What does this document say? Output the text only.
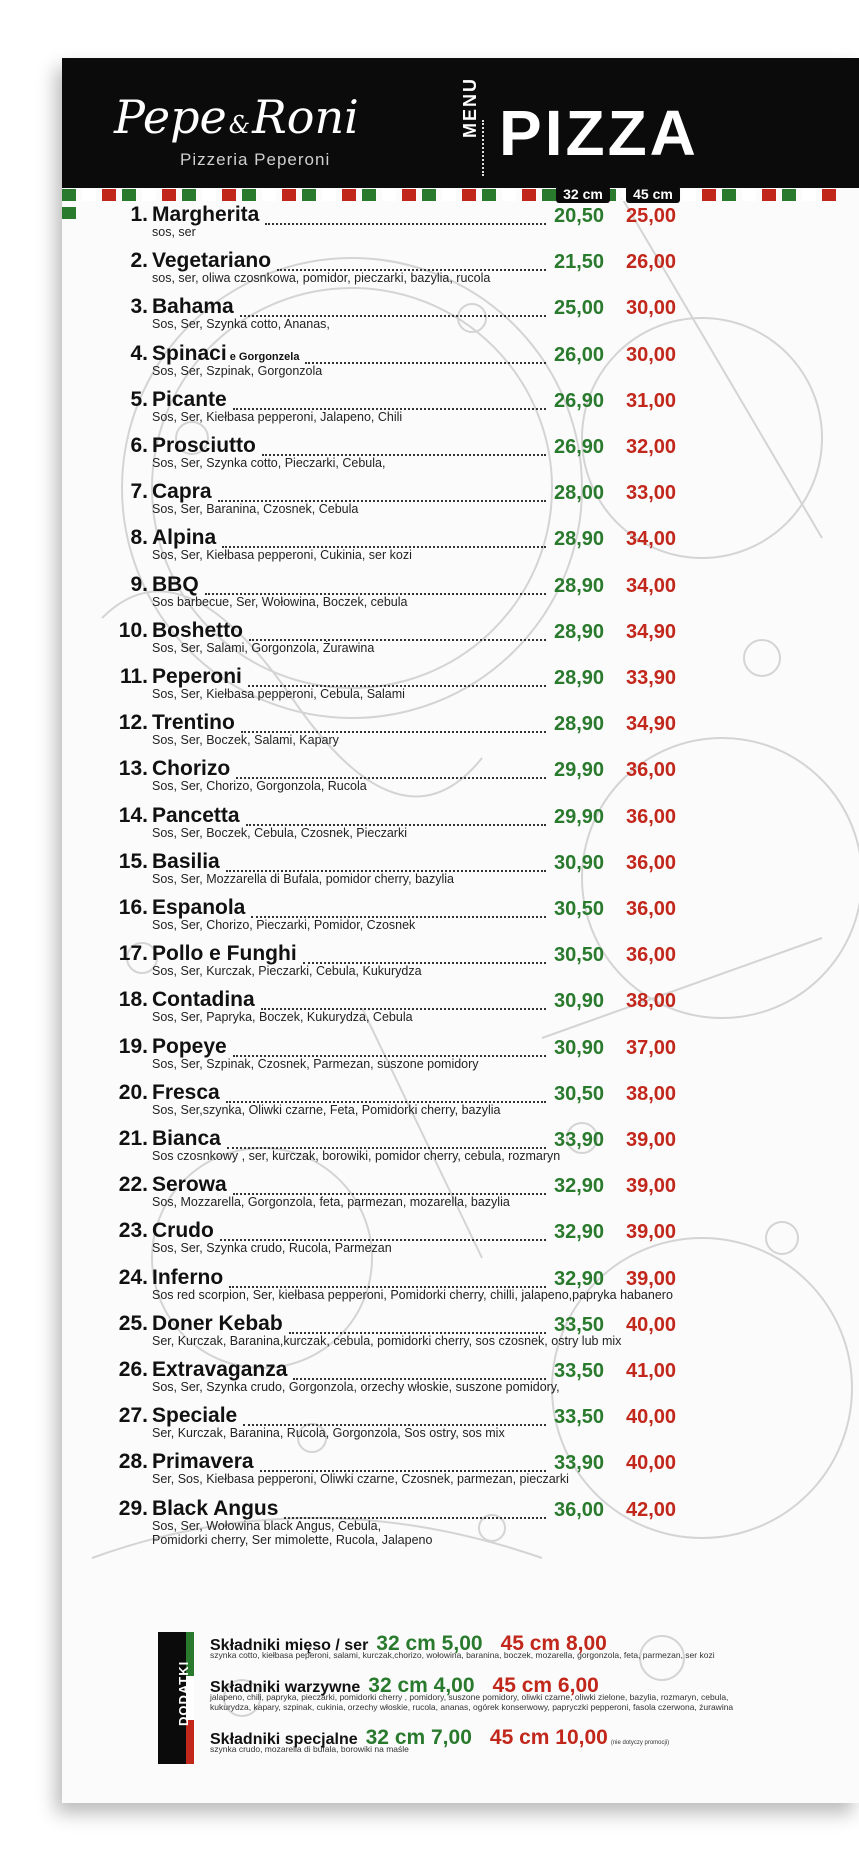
Pepe&Roni
Pizzeria Peperoni
MENU PIZZA
32 cm	45 cm
1. Margherita
sos, ser
20,50 25,00
2. Vegetariano
sos, ser, oliwa czosnkowa, pomidor, pieczarki, bazylia, rucola
21,50 26,00
3. Bahama
Sos, Ser, Szynka cotto, Ananas,
25,00 30,00
4. Spinaci e Gorgonzela
Sos, Ser, Szpinak, Gorgonzola
26,00 30,00
5. Picante
Sos, Ser, Kiełbasa pepperoni, Jalapeno, Chili
26,90 31,00
6. Prosciutto
Sos, Ser, Szynka cotto, Pieczarki, Cebula,
26,90 32,00
7. Capra
Sos, Ser, Baranina, Czosnek, Cebula
28,00 33,00
8. Alpina
Sos, Ser, Kiełbasa pepperoni, Cukinia, ser kozi
28,90 34,00
9. BBQ
Sos barbecue, Ser, Wołowina, Boczek, cebula
28,90 34,00
10. Boshetto
Sos, Ser, Salami, Gorgonzola, Żurawina
28,90 34,90
11. Peperoni
Sos, Ser, Kiełbasa pepperoni, Cebula, Salami
28,90 33,90
12. Trentino
Sos, Ser, Boczek, Salami, Kapary
28,90 34,90
13. Chorizo
Sos, Ser, Chorizo, Gorgonzola, Rucola
29,90 36,00
14. Pancetta
Sos, Ser, Boczek, Cebula, Czosnek, Pieczarki
29,90 36,00
15. Basilia
Sos, Ser, Mozzarella di Bufala, pomidor cherry, bazylia
30,90 36,00
16. Espanola
Sos, Ser, Chorizo, Pieczarki, Pomidor, Czosnek
30,50 36,00
17. Pollo e Funghi
Sos, Ser, Kurczak, Pieczarki, Cebula, Kukurydza
30,50 36,00
18. Contadina
Sos, Ser, Papryka, Boczek, Kukurydza, Cebula
30,90 38,00
19. Popeye
Sos, Ser, Szpinak, Czosnek, Parmezan, suszone pomidory
30,90 37,00
20. Fresca
Sos, Ser,szynka, Oliwki czarne, Feta, Pomidorki cherry, bazylia
30,50 38,00
21. Bianca
Sos czosnkowy , ser, kurczak, borowiki, pomidor cherry, cebula, rozmaryn
33,90 39,00
22. Serowa
Sos, Mozzarella, Gorgonzola, feta, parmezan, mozarella, bazylia
32,90 39,00
23. Crudo
Sos, Ser, Szynka crudo, Rucola, Parmezan
32,90 39,00
24. Inferno
Sos red scorpion, Ser, kiełbasa pepperoni, Pomidorki cherry, chilli, jalapeno,papryka habanero
32,90 39,00
25. Doner Kebab
Ser, Kurczak, Baranina,kurczak, cebula, pomidorki cherry, sos czosnek, ostry lub mix
33,50 40,00
26. Extravaganza
Sos, Ser, Szynka crudo, Gorgonzola, orzechy włoskie, suszone pomidory,
33,50 41,00
27. Speciale
Ser, Kurczak, Baranina, Rucola, Gorgonzola, Sos ostry, sos mix
33,50 40,00
28. Primavera
Ser, Sos, Kiełbasa pepperoni, Oliwki czarne, Czosnek, parmezan, pieczarki
33,90 40,00
29. Black Angus
Sos, Ser, Wołowina black Angus, Cebula,
Pomidorki cherry, Ser mimolette, Rucola, Jalapeno
36,00 42,00
DODATKI
Składniki mięso / ser 32 cm 5,00 45 cm 8,00
szynka cotto, kiełbasa peperoni, salami, kurczak,chorizo, wołowina, baranina, boczek, mozarella, gorgonzola, feta, parmezan, ser kozi
Składniki warzywne 32 cm 4,00 45 cm 6,00
jalapeno, chili, papryka, pieczarki, pomidorki cherry , pomidory, suszone pomidory, oliwki czarne, oliwki zielone, bazylia, rozmaryn, cebula, kukurydza, kapary, szpinak, cukinia, orzechy włoskie, rucola, ananas, ogórek konserwowy, papryczki pepperoni, fasola czerwona, żurawina
Składniki specjalne 32 cm 7,00 45 cm 10,00 (nie dotyczy promocji)
szynka crudo, mozarella di bufala, borowiki na maśle
